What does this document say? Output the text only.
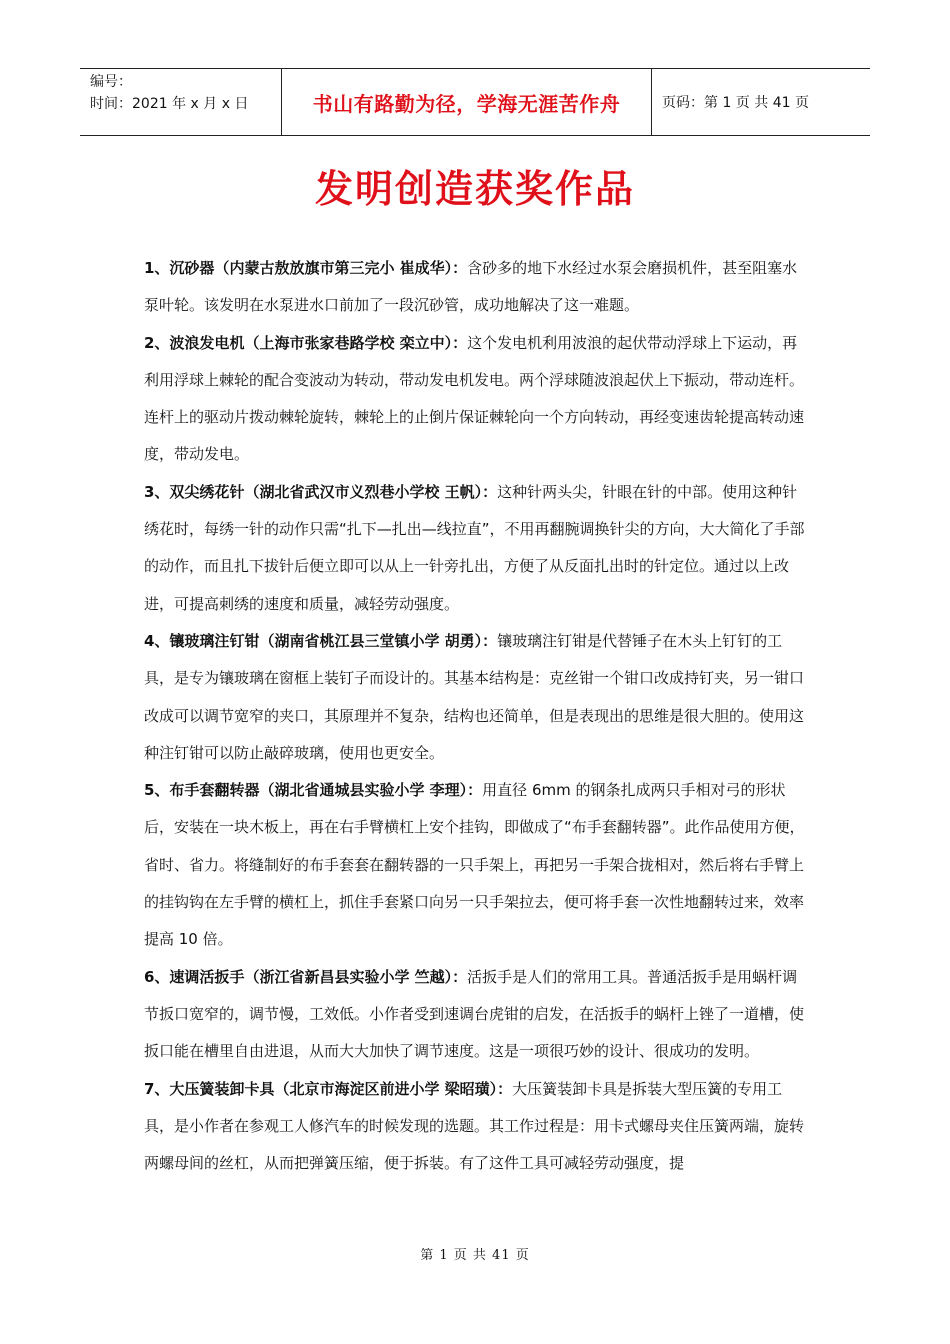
编号：
时间：2021 年 x 月 x 日	书山有路勤为径，学海无涯苦作舟	页码：第 1 页 共 41 页
发明创造获奖作品

1、沉砂器（内蒙古敖放旗市第三完小 崔成华）：含砂多的地下水经过水泵会磨损机件，甚至阻塞水泵叶轮。该发明在水泵进水口前加了一段沉砂管，成功地解决了这一难题。

2、波浪发电机（上海市张家巷路学校 栾立中）：这个发电机利用波浪的起伏带动浮球上下运动，再利用浮球上棘轮的配合变波动为转动，带动发电机发电。两个浮球随波浪起伏上下振动，带动连杆。连杆上的驱动片拨动棘轮旋转，棘轮上的止倒片保证棘轮向一个方向转动，再经变速齿轮提高转动速度，带动发电。

3、双尖绣花针（湖北省武汉市义烈巷小学校 王帆）：这种针两头尖，针眼在针的中部。使用这种针绣花时，每绣一针的动作只需“扎下—扎出—线拉直”，不用再翻腕调换针尖的方向，大大简化了手部的动作，而且扎下拔针后便立即可以从上一针旁扎出，方便了从反面扎出时的针定位。通过以上改进，可提高刺绣的速度和质量，减轻劳动强度。

4、镶玻璃注钉钳（湖南省桃江县三堂镇小学 胡勇）：镶玻璃注钉钳是代替锤子在木头上钉钉的工具，是专为镶玻璃在窗框上装钉子而设计的。其基本结构是：克丝钳一个钳口改成持钉夹，另一钳口改成可以调节宽窄的夹口，其原理并不复杂，结构也还简单，但是表现出的思维是很大胆的。使用这种注钉钳可以防止敲碎玻璃，使用也更安全。

5、布手套翻转器（湖北省通城县实验小学 李理）：用直径 6mm 的钢条扎成两只手相对弓的形状后，安装在一块木板上，再在右手臂横杠上安个挂钩，即做成了“布手套翻转器”。此作品使用方便，省时、省力。将缝制好的布手套套在翻转器的一只手架上，再把另一手架合拢相对，然后将右手臂上的挂钩钩在左手臂的横杠上，抓住手套紧口向另一只手架拉去，便可将手套一次性地翻转过来，效率提高 10 倍。

6、速调活扳手（浙江省新昌县实验小学 竺越）：活扳手是人们的常用工具。普通活扳手是用蜗杆调节扳口宽窄的，调节慢，工效低。小作者受到速调台虎钳的启发，在活扳手的蜗杆上锉了一道槽，使扳口能在槽里自由进退，从而大大加快了调节速度。这是一项很巧妙的设计、很成功的发明。

7、大压簧装卸卡具（北京市海淀区前进小学 梁昭璜）：大压簧装卸卡具是拆装大型压簧的专用工具，是小作者在参观工人修汽车的时候发现的选题。其工作过程是：用卡式螺母夹住压簧两端，旋转两螺母间的丝杠，从而把弹簧压缩，便于拆装。有了这件工具可减轻劳动强度，提

第 1 页 共 41 页
